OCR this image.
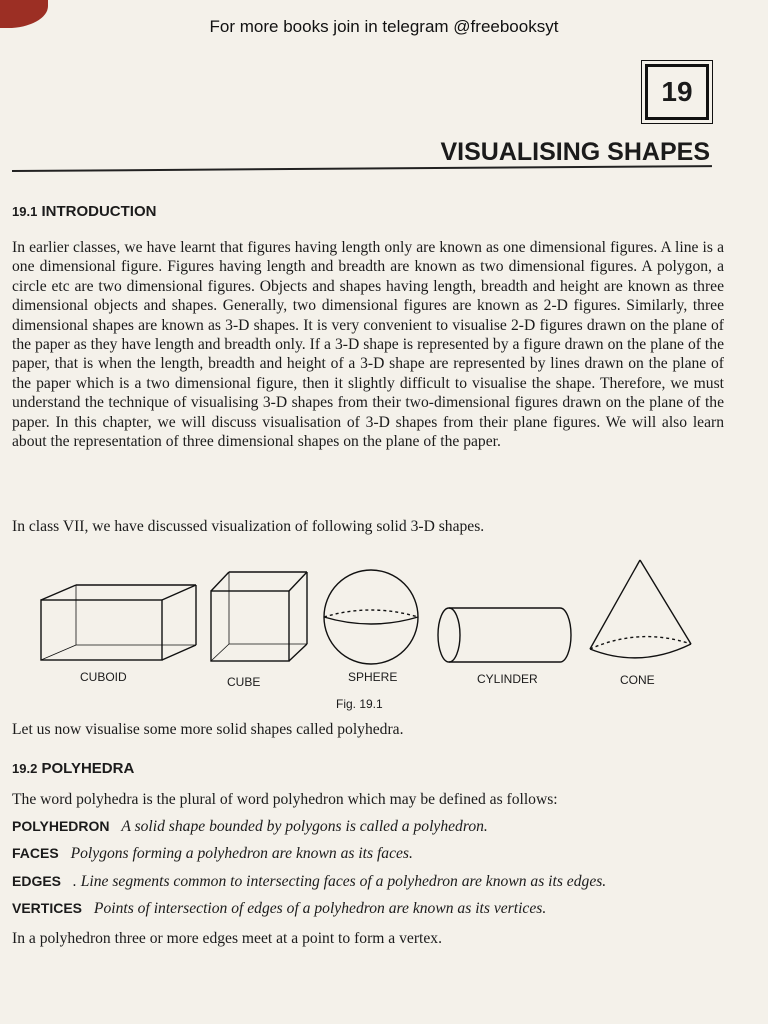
For more books join in telegram @freebooksyt
19
VISUALISING SHAPES
19.1 INTRODUCTION

In earlier classes, we have learnt that figures having length only are known as one dimensional figures. A line is a one dimensional figure. Figures having length and breadth are known as two dimensional figures. A polygon, a circle etc are two dimensional figures. Objects and shapes having length, breadth and height are known as three dimensional objects and shapes. Generally, two dimensional figures are known as 2-D figures. Similarly, three dimensional shapes are known as 3-D shapes. It is very convenient to visualise 2-D figures drawn on the plane of the paper as they have length and breadth only. If a 3-D shape is represented by a figure drawn on the plane of the paper, that is when the length, breadth and height of a 3-D shape are represented by lines drawn on the plane of the paper which is a two dimensional figure, then it slightly difficult to visualise the shape. Therefore, we must understand the technique of visualising 3-D shapes from their two-dimensional figures drawn on the plane of the paper. In this chapter, we will discuss visualisation of 3-D shapes from their plane figures. We will also learn about the representation of three dimensional shapes on the plane of the paper.

In class VII, we have discussed visualization of following solid 3-D shapes.
CUBOID	CUBE	SPHERE	CYLINDER	CONE
Fig. 19.1
Let us now visualise some more solid shapes called polyhedra.
19.2 POLYHEDRA
The word polyhedra is the plural of word polyhedron which may be defined as follows:
POLYHEDRON A solid shape bounded by polygons is called a polyhedron.
FACES Polygons forming a polyhedron are known as its faces.
EDGES . Line segments common to intersecting faces of a polyhedron are known as its edges.
VERTICES Points of intersection of edges of a polyhedron are known as its vertices.
In a polyhedron three or more edges meet at a point to form a vertex.
